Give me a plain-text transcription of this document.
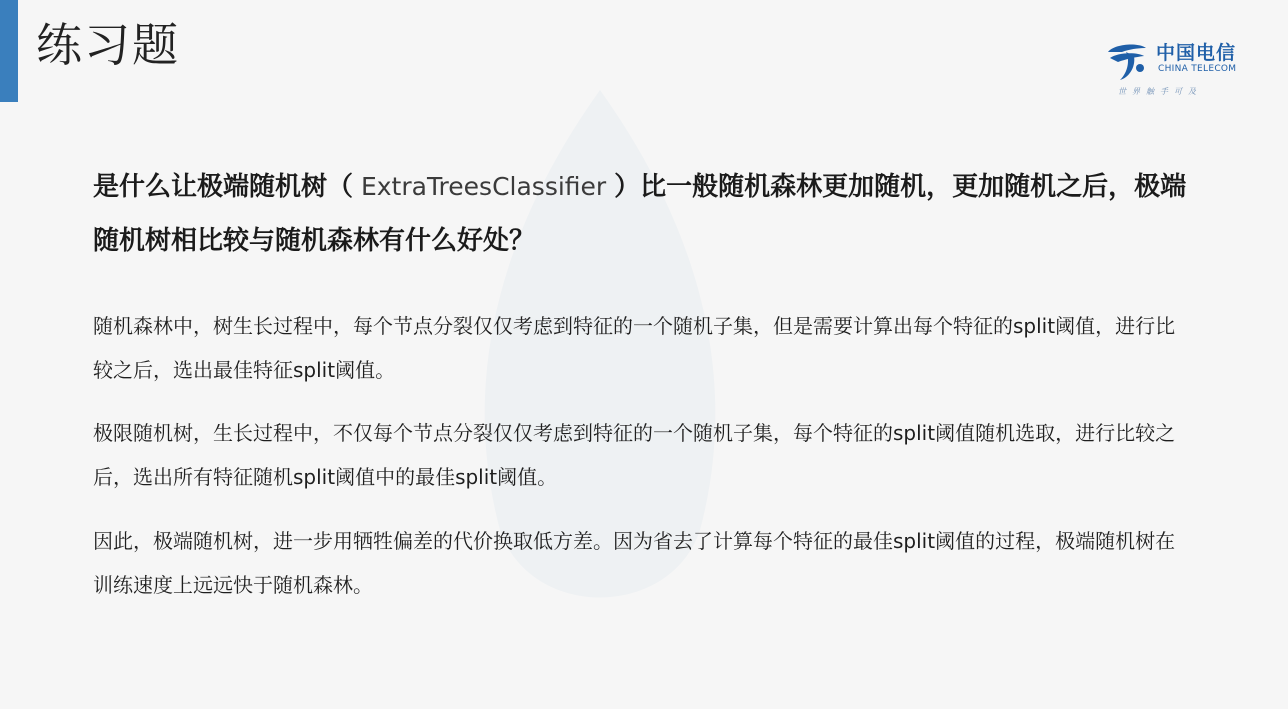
练习题	中国电信
CHINA TELECOM
世界触手可及

是什么让极端随机树（ ExtraTreesClassifier ）比一般随机森林更加随机，更加随机之后，极端随机树相比较与随机森林有什么好处？

随机森林中，树生长过程中，每个节点分裂仅仅考虑到特征的一个随机子集，但是需要计算出每个特征的split阈值，进行比较之后，选出最佳特征split阈值。

极限随机树，生长过程中，不仅每个节点分裂仅仅考虑到特征的一个随机子集，每个特征的split阈值随机选取，进行比较之后，选出所有特征随机split阈值中的最佳split阈值。

因此，极端随机树，进一步用牺牲偏差的代价换取低方差。因为省去了计算每个特征的最佳split阈值的过程，极端随机树在训练速度上远远快于随机森林。
